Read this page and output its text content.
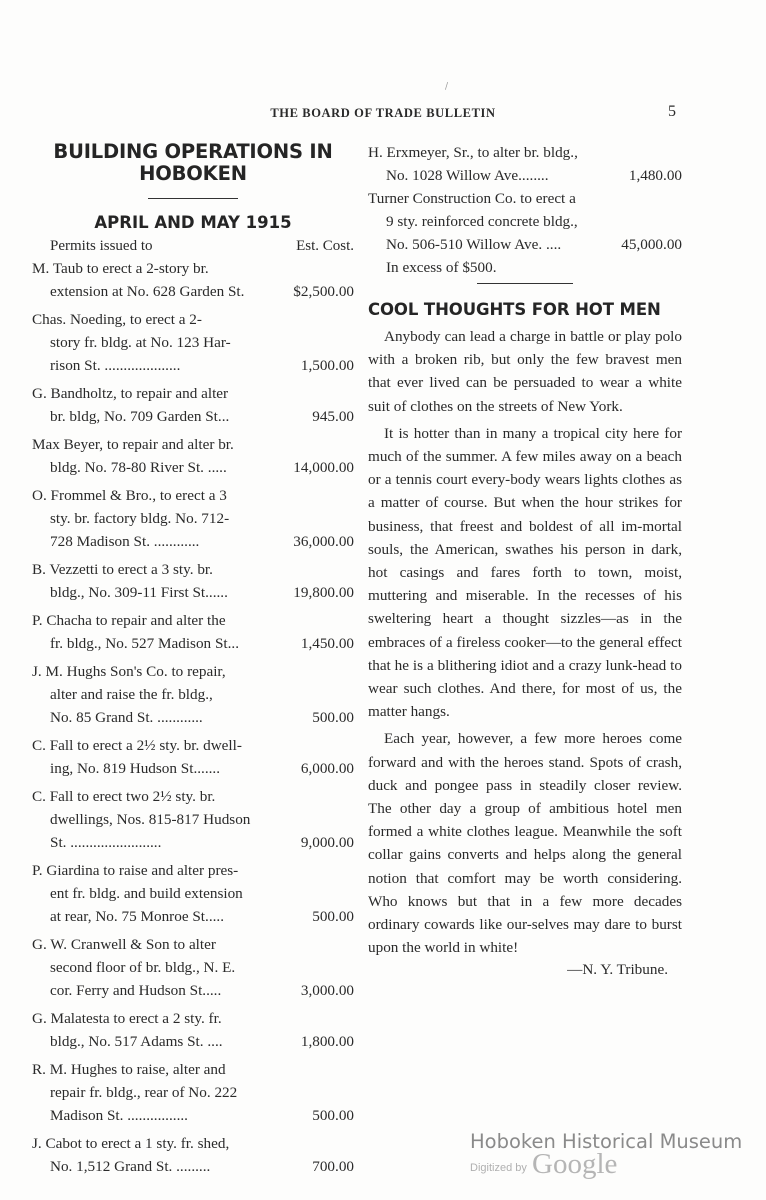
/
THE BOARD OF TRADE BULLETIN	5
BUILDING OPERATIONS IN
HOBOKEN
APRIL AND MAY 1915
Permits issued to	Est. Cost.
M. Taub to erect a 2-story br.
extension at No. 628 Garden St.	$2,500.00
Chas. Noeding, to erect a 2-
story fr. bldg. at No. 123 Har-
rison St. ....................	1,500.00
G. Bandholtz, to repair and alter
br. bldg, No. 709 Garden St...	945.00
Max Beyer, to repair and alter br.
bldg. No. 78-80 River St. .....	14,000.00
O. Frommel & Bro., to erect a 3
sty. br. factory bldg. No. 712-
728 Madison St. ............	36,000.00
B. Vezzetti to erect a 3 sty. br.
bldg., No. 309-11 First St......	19,800.00
P. Chacha to repair and alter the
fr. bldg., No. 527 Madison St...	1,450.00
J. M. Hughs Son's Co. to repair,
alter and raise the fr. bldg.,
No. 85 Grand St. ............	500.00
C. Fall to erect a 2½ sty. br. dwell-
ing, No. 819 Hudson St.......	6,000.00
C. Fall to erect two 2½ sty. br.
dwellings, Nos. 815-817 Hudson
St. ........................	9,000.00
P. Giardina to raise and alter pres-
ent fr. bldg. and build extension
at rear, No. 75 Monroe St.....	500.00
G. W. Cranwell & Son to alter
second floor of br. bldg., N. E.
cor. Ferry and Hudson St.....	3,000.00
G. Malatesta to erect a 2 sty. fr.
bldg., No. 517 Adams St. ....	1,800.00
R. M. Hughes to raise, alter and
repair fr. bldg., rear of No. 222
Madison St. ................	500.00
J. Cabot to erect a 1 sty. fr. shed,
No. 1,512 Grand St. .........	700.00
H. Erxmeyer, Sr., to alter br. bldg.,
No. 1028 Willow Ave........	1,480.00
Turner Construction Co. to erect a
9 sty. reinforced concrete bldg.,
No. 506-510 Willow Ave. ....	45,000.00
In excess of $500.
COOL THOUGHTS FOR HOT MEN

Anybody can lead a charge in battle or play polo with a broken rib, but only the few bravest men that ever lived can be persuaded to wear a white suit of clothes on the streets of New York.

It is hotter than in many a tropical city here for much of the summer. A few miles away on a beach or a tennis court every-body wears lights clothes as a matter of course. But when the hour strikes for business, that freest and boldest of all im-mortal souls, the American, swathes his person in dark, hot casings and fares forth to town, moist, muttering and miserable. In the recesses of his sweltering heart a thought sizzles—as in the embraces of a fireless cooker—to the general effect that he is a blithering idiot and a crazy lunk-head to wear such clothes. And there, for most of us, the matter hangs.

Each year, however, a few more heroes come forward and with the heroes stand. Spots of crash, duck and pongee pass in steadily closer review. The other day a group of ambitious hotel men formed a white clothes league. Meanwhile the soft collar gains converts and helps along the general notion that comfort may be worth considering. Who knows but that in a few more decades ordinary cowards like our-selves may dare to burst upon the world in white!

—N. Y. Tribune.
Hoboken Historical Museum
Digitized by Google
